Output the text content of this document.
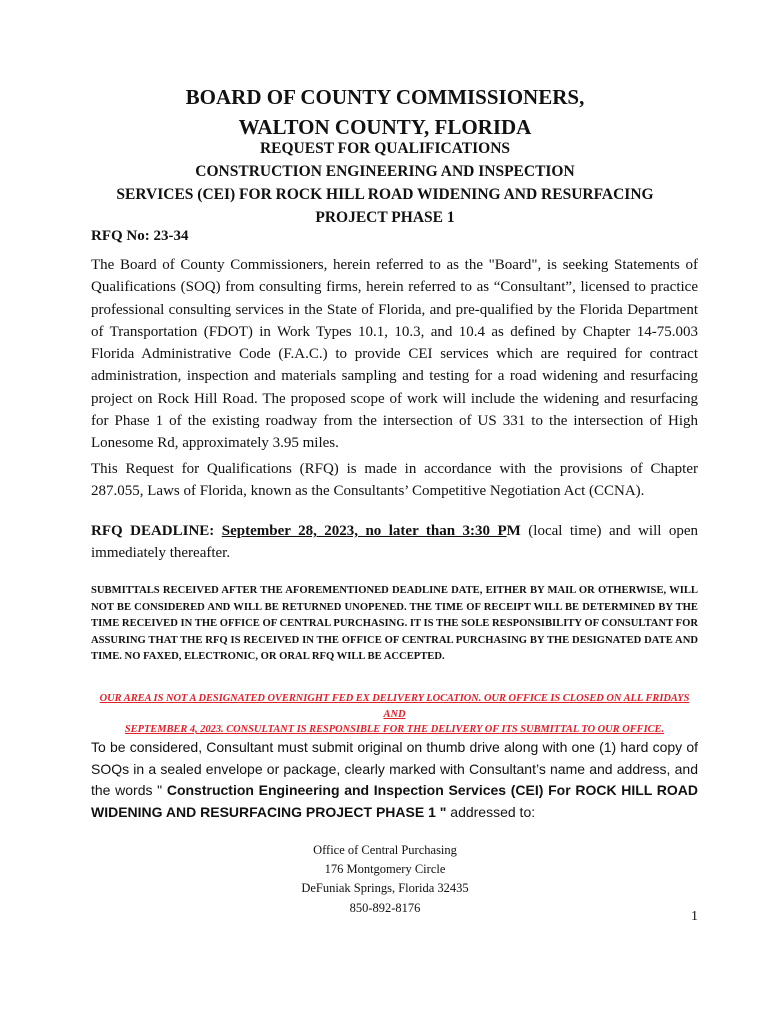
BOARD OF COUNTY COMMISSIONERS,
WALTON COUNTY, FLORIDA
REQUEST FOR QUALIFICATIONS
CONSTRUCTION ENGINEERING AND INSPECTION
SERVICES (CEI) FOR ROCK HILL ROAD WIDENING AND RESURFACING
PROJECT PHASE 1
RFQ No: 23-34
The Board of County Commissioners, herein referred to as the "Board", is seeking Statements of Qualifications (SOQ) from consulting firms, herein referred to as “Consultant”, licensed to practice professional consulting services in the State of Florida, and pre-qualified by the Florida Department of Transportation (FDOT) in Work Types 10.1, 10.3, and 10.4 as defined by Chapter 14-75.003 Florida Administrative Code (F.A.C.) to provide CEI services which are required for contract administration, inspection and materials sampling and testing for a road widening and resurfacing project on Rock Hill Road. The proposed scope of work will include the widening and resurfacing for Phase 1 of the existing roadway from the intersection of US 331 to the intersection of High Lonesome Rd, approximately 3.95 miles.
This Request for Qualifications (RFQ) is made in accordance with the provisions of Chapter 287.055, Laws of Florida, known as the Consultants’ Competitive Negotiation Act (CCNA).
RFQ DEADLINE: September 28, 2023, no later than 3:30 PM (local time) and will open immediately thereafter.
SUBMITTALS RECEIVED AFTER THE AFOREMENTIONED DEADLINE DATE, EITHER BY MAIL OR OTHERWISE, WILL NOT BE CONSIDERED AND WILL BE RETURNED UNOPENED. THE TIME OF RECEIPT WILL BE DETERMINED BY THE TIME RECEIVED IN THE OFFICE OF CENTRAL PURCHASING. IT IS THE SOLE RESPONSIBILITY OF CONSULTANT FOR ASSURING THAT THE RFQ IS RECEIVED IN THE OFFICE OF CENTRAL PURCHASING BY THE DESIGNATED DATE AND TIME. NO FAXED, ELECTRONIC, OR ORAL RFQ WILL BE ACCEPTED.
OUR AREA IS NOT A DESIGNATED OVERNIGHT FED EX DELIVERY LOCATION. OUR OFFICE IS CLOSED ON ALL FRIDAYS AND
SEPTEMBER 4, 2023. CONSULTANT IS RESPONSIBLE FOR THE DELIVERY OF ITS SUBMITTAL TO OUR OFFICE.
To be considered, Consultant must submit original on thumb drive along with one (1) hard copy of SOQs in a sealed envelope or package, clearly marked with Consultant’s name and address, and the words " Construction Engineering and Inspection Services (CEI) For ROCK HILL ROAD WIDENING AND RESURFACING PROJECT PHASE 1 " addressed to:
Office of Central Purchasing
176 Montgomery Circle
DeFuniak Springs, Florida 32435
850-892-8176
1
